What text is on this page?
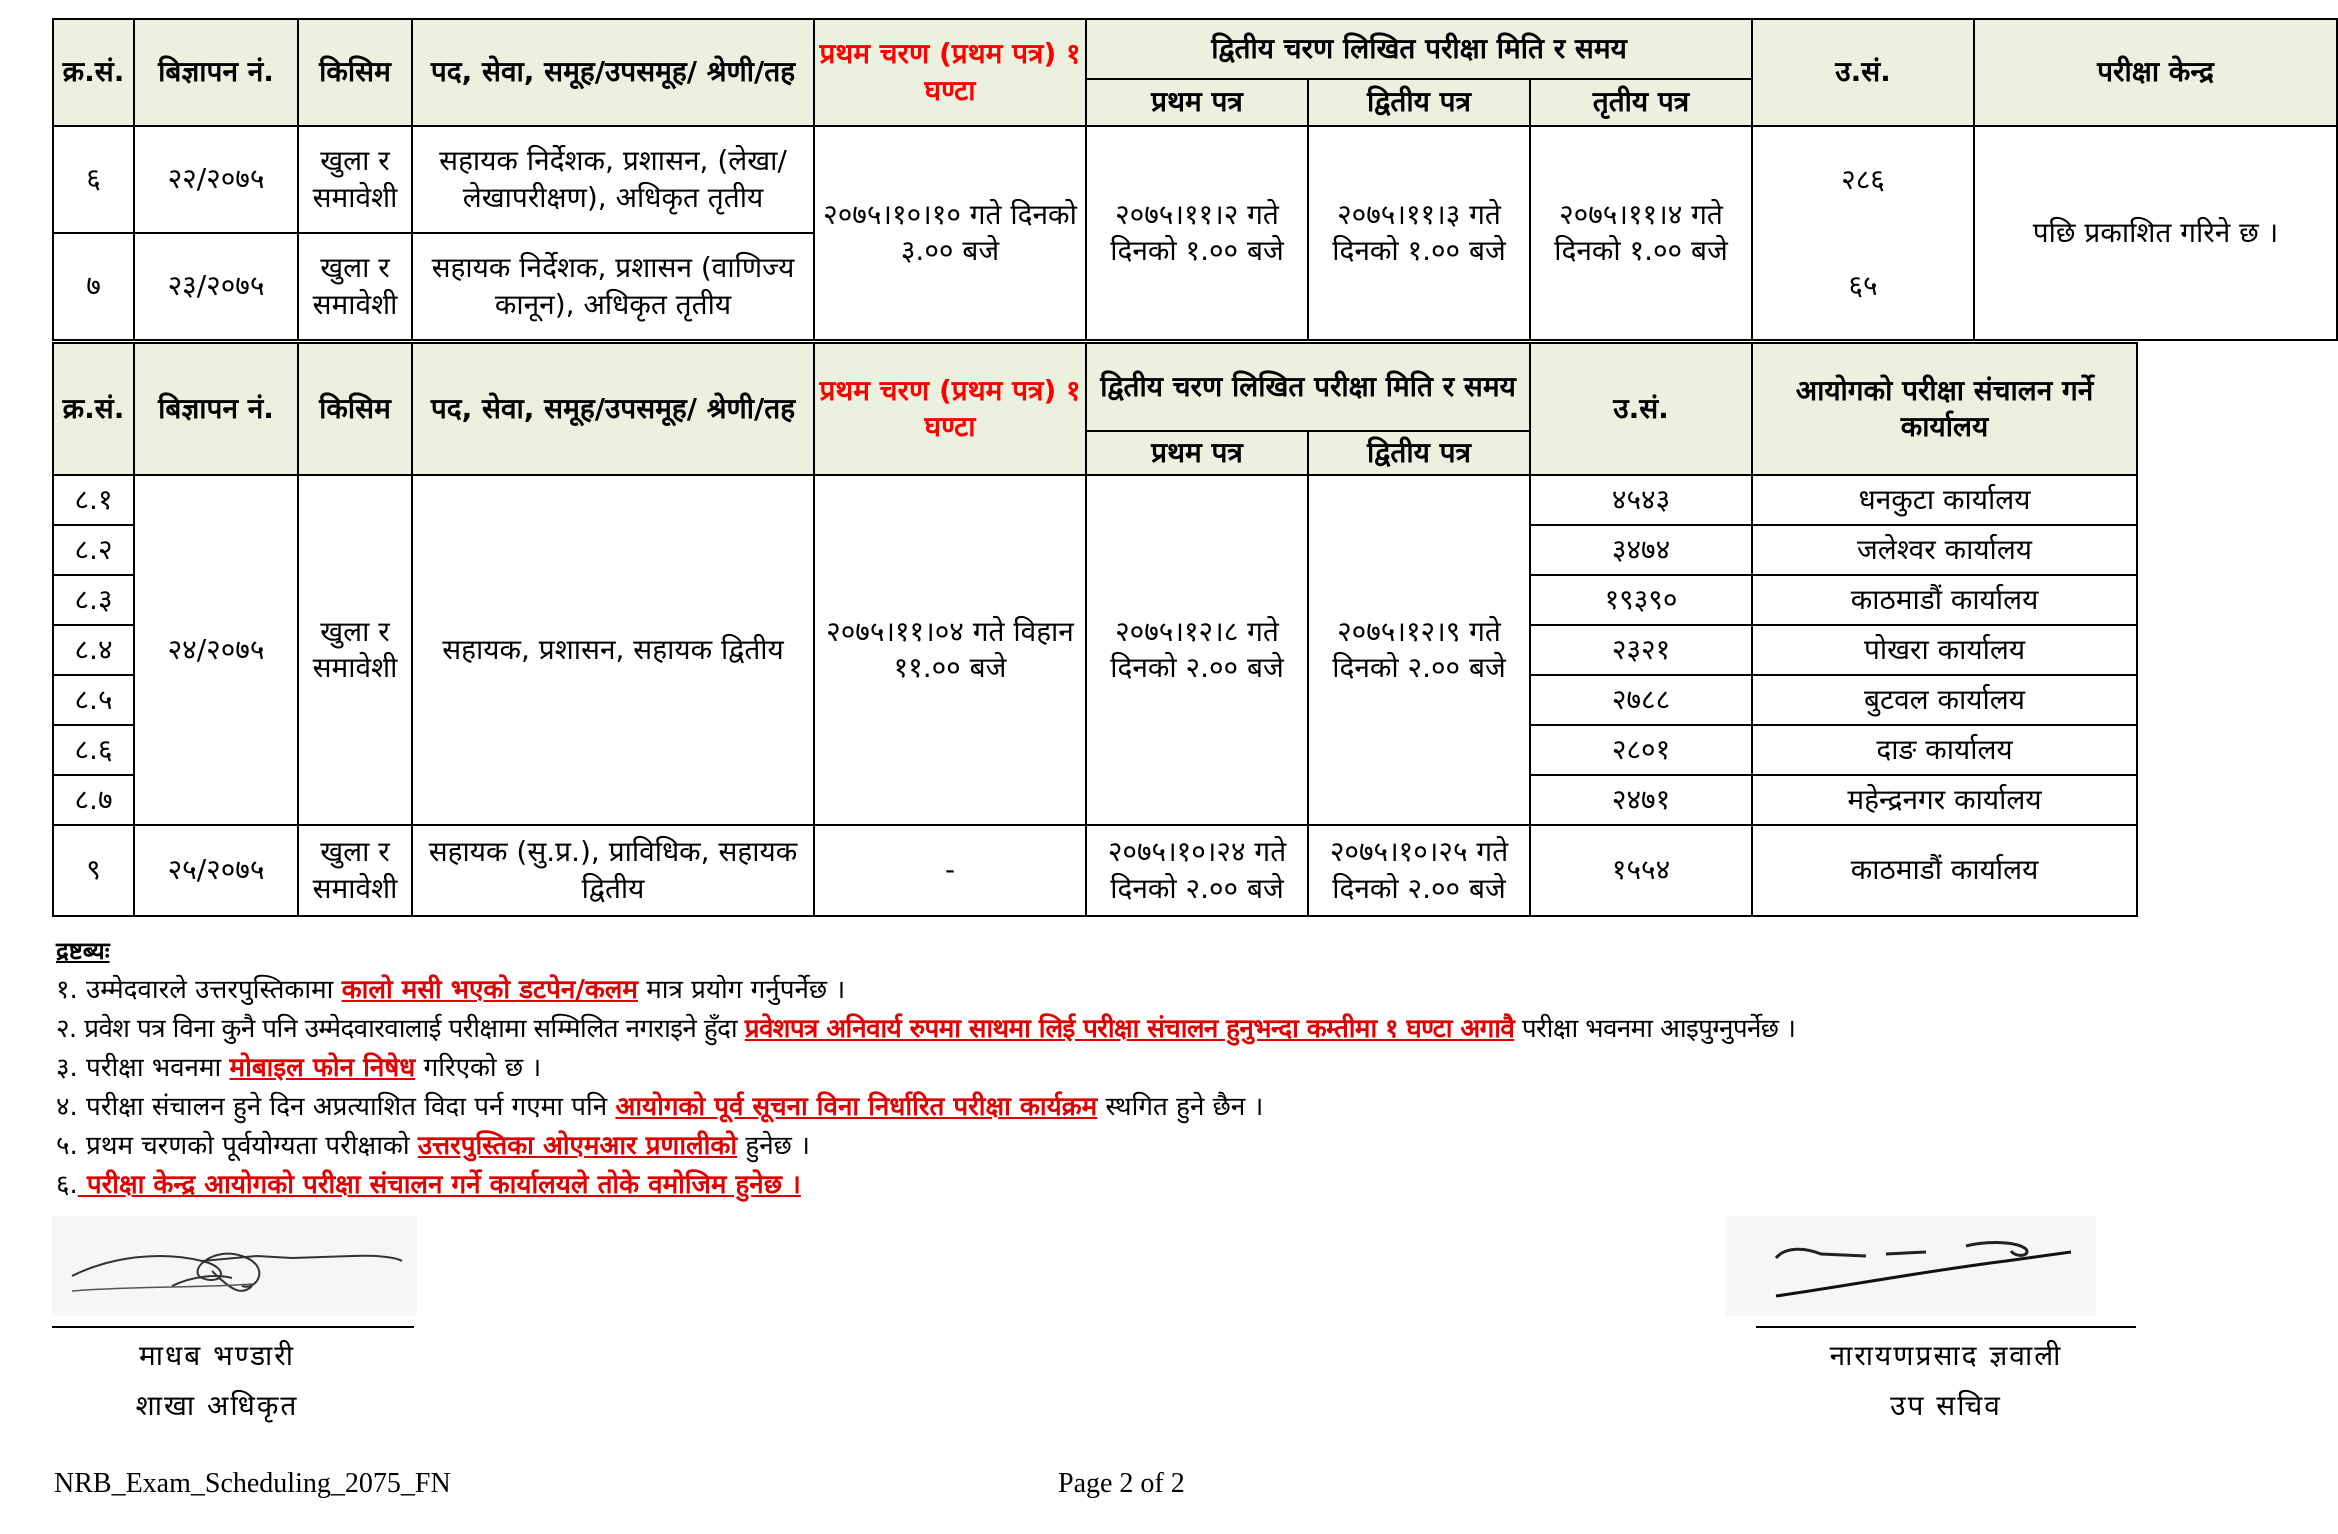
क्र.सं.	बिज्ञापन नं.	किसिम	पद, सेवा, समूह/उपसमूह/ श्रेणी/तह	प्रथम चरण (प्रथम पत्र) १ घण्टा	द्वितीय चरण लिखित परीक्षा मिति र समय			उ.सं.	परीक्षा केन्द्र
					प्रथम पत्र	द्वितीय पत्र	तृतीय पत्र		
६	२२/२०७५	खुला र समावेशी	सहायक निर्देशक, प्रशासन, (लेखा/लेखापरीक्षण), अधिकृत तृतीय	२०७५।१०।१० गते दिनको ३.०० बजे	२०७५।११।२ गते दिनको १.०० बजे	२०७५।११।३ गते दिनको १.०० बजे	२०७५।११।४ गते दिनको १.०० बजे	२८६	पछि प्रकाशित गरिने छ ।
७	२३/२०७५	खुला र समावेशी	सहायक निर्देशक, प्रशासन (वाणिज्य कानून), अधिकृत तृतीय					६५	
क्र.सं.	बिज्ञापन नं.	किसिम	पद, सेवा, समूह/उपसमूह/ श्रेणी/तह	प्रथम चरण (प्रथम पत्र) १ घण्टा	द्वितीय चरण लिखित परीक्षा मिति र समय		उ.सं.	आयोगको परीक्षा संचालन गर्ने कार्यालय
					प्रथम पत्र	द्वितीय पत्र		
८.१	२४/२०७५	खुला र समावेशी	सहायक, प्रशासन, सहायक द्वितीय	२०७५।११।०४ गते विहान ११.०० बजे	२०७५।१२।८ गते दिनको २.०० बजे	२०७५।१२।९ गते दिनको २.०० बजे	४५४३	धनकुटा कार्यालय
८.२							३४७४	जलेश्वर कार्यालय
८.३							१९३९०	काठमाडौं कार्यालय
८.४							२३२१	पोखरा कार्यालय
८.५							२७८८	बुटवल कार्यालय
८.६							२८०१	दाङ कार्यालय
८.७							२४७१	महेन्द्रनगर कार्यालय
९	२५/२०७५	खुला र समावेशी	सहायक (सु.प्र.), प्राविधिक, सहायक द्वितीय	-	२०७५।१०।२४ गते दिनको २.०० बजे	२०७५।१०।२५ गते दिनको २.०० बजे	१५५४	काठमाडौं कार्यालय
द्रष्टब्यः
१. उम्मेदवारले उत्तरपुस्तिकामा कालो मसी भएको डटपेन/कलम मात्र प्रयोग गर्नुपर्नेछ ।
२. प्रवेश पत्र विना कुनै पनि उम्मेदवारवालाई परीक्षामा सम्मिलित नगराइने हुँदा प्रवेशपत्र अनिवार्य रुपमा साथमा लिई परीक्षा संचालन हुनुभन्दा कम्तीमा १ घण्टा अगावै परीक्षा भवनमा आइपुग्नुपर्नेछ ।
३. परीक्षा भवनमा मोबाइल फोन निषेध गरिएको छ ।
४. परीक्षा संचालन हुने दिन अप्रत्याशित विदा पर्न गएमा पनि आयोगको पूर्व सूचना विना निर्धारित परीक्षा कार्यक्रम स्थगित हुने छैन ।
५. प्रथम चरणको पूर्वयोग्यता परीक्षाको उत्तरपुस्तिका ओएमआर प्रणालीको हुनेछ ।
६. परीक्षा केन्द्र आयोगको परीक्षा संचालन गर्ने कार्यालयले तोके वमोजिम हुनेछ ।
माधब भण्डारी
शाखा अधिकृत
नारायणप्रसाद ज्ञवाली
उप सचिव
NRB_Exam_Scheduling_2075_FN	Page 2 of 2
